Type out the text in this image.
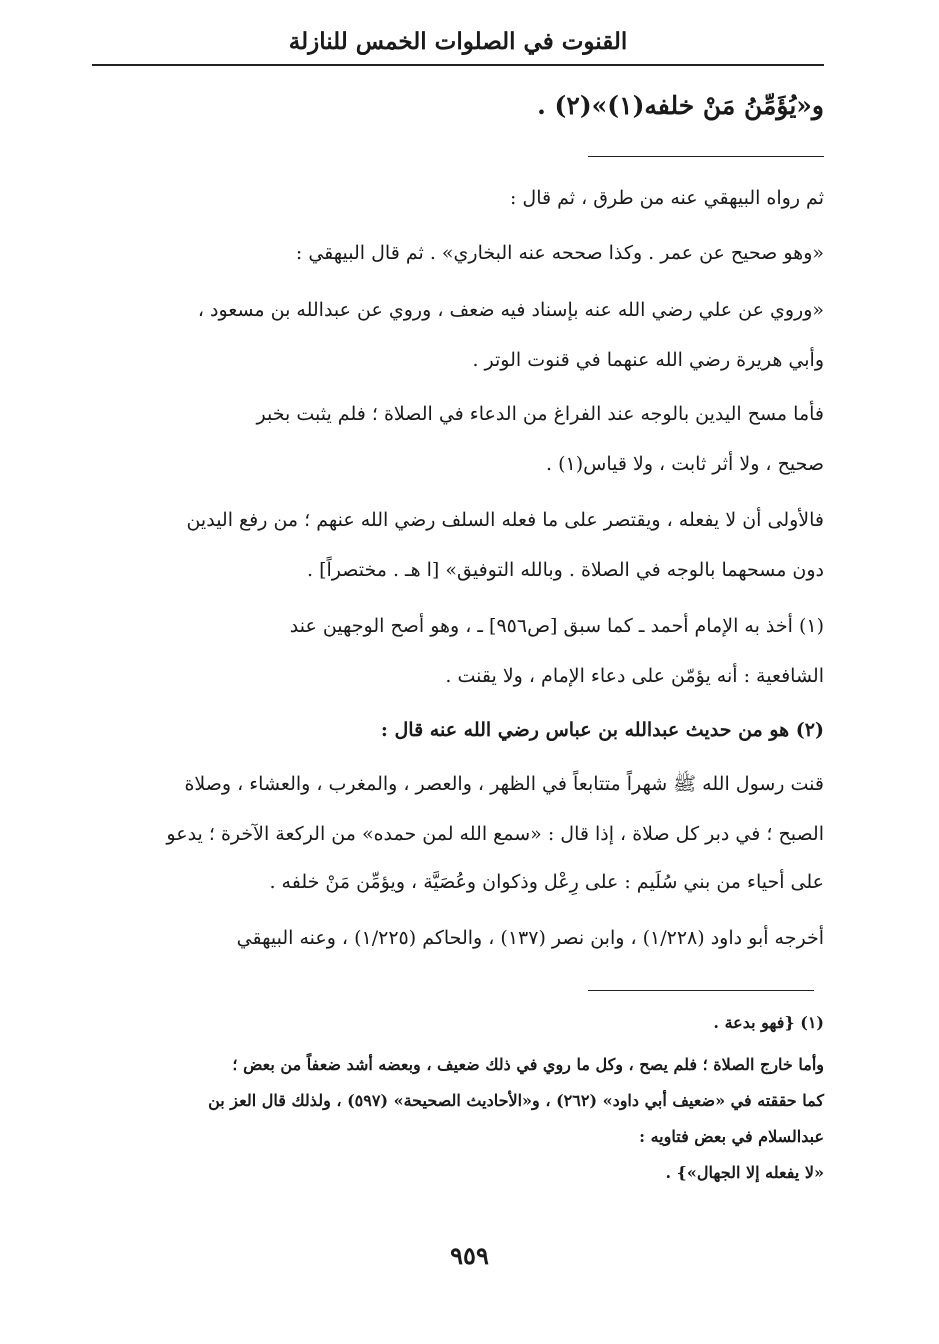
القنوت في الصلوات الخمس للنازلة
و«يُؤَمِّنُ مَنْ خلفه(١)»(٢) .
ثم رواه البيهقي عنه من طرق ، ثم قال :
«وهو صحيح عن عمر . وكذا صححه عنه البخاري» . ثم قال البيهقي :
«وروي عن علي رضي الله عنه بإسناد فيه ضعف ، وروي عن عبدالله بن مسعود ،
وأبي هريرة رضي الله عنهما في قنوت الوتر .
فأما مسح اليدين بالوجه عند الفراغ من الدعاء في الصلاة ؛ فلم يثبت بخبر
صحيح ، ولا أثر ثابت ، ولا قياس(١) .
فالأولى أن لا يفعله ، ويقتصر على ما فعله السلف رضي الله عنهم ؛ من رفع اليدين
دون مسحهما بالوجه في الصلاة . وبالله التوفيق» [ا هـ . مختصراً] .
(١) أخذ به الإمام أحمد ـ كما سبق [ص٩٥٦] ـ ، وهو أصح الوجهين عند
الشافعية : أنه يؤمّن على دعاء الإمام ، ولا يقنت .
(٢) هو من حديث عبدالله بن عباس رضي الله عنه قال :
قنت رسول الله ﷺ شهراً متتابعاً في الظهر ، والعصر ، والمغرب ، والعشاء ، وصلاة
الصبح ؛ في دبر كل صلاة ، إذا قال : «سمع الله لمن حمده» من الركعة الآخرة ؛ يدعو
على أحياء من بني سُلَيم : على رِعْل وذكوان وعُصَيَّة ، ويؤمِّن مَنْ خلفه .
أخرجه أبو داود (١/٢٢٨) ، وابن نصر (١٣٧) ، والحاكم (١/٢٢٥) ، وعنه البيهقي
(١) {فهو بدعة .
وأما خارج الصلاة ؛ فلم يصح ، وكل ما روي في ذلك ضعيف ، وبعضه أشد ضعفاً من بعض ؛
كما حققته في «ضعيف أبي داود» (٢٦٢) ، و«الأحاديث الصحيحة» (٥٩٧) ، ولذلك قال العز بن
عبدالسلام في بعض فتاويه :
«لا يفعله إلا الجهال»} .
٩٥٩
